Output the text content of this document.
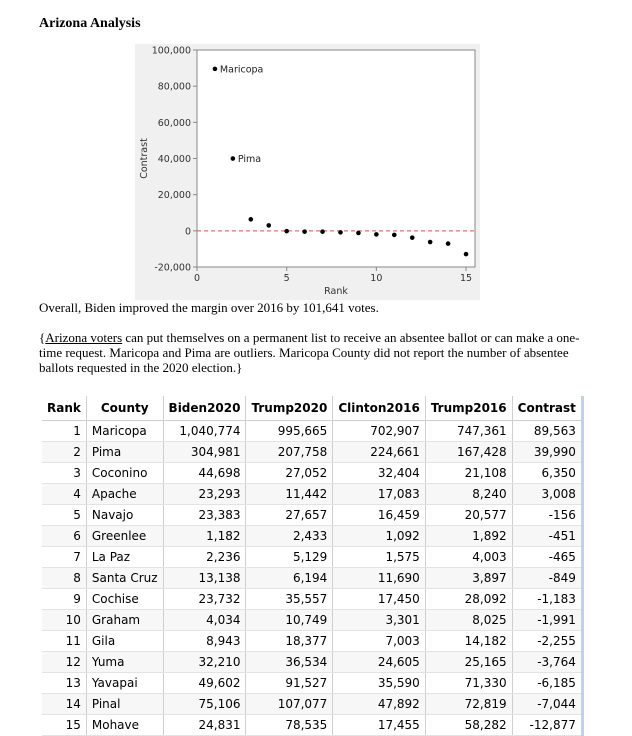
Arizona Analysis
-20,000
0
20,000
40,000
60,000
80,000
100,000
0	5	10	15
Rank
Contrast
Maricopa
Pima
Overall, Biden improved the margin over 2016 by 101,641 votes.
{Arizona voters can put themselves on a permanent list to receive an absentee ballot or can make a one-time request. Maricopa and Pima are outliers. Maricopa County did not report the number of absentee ballots requested in the 2020 election.}
Rank	County	Biden2020	Trump2020	Clinton2016	Trump2016	Contrast
1	Maricopa	1,040,774	995,665	702,907	747,361	89,563
2	Pima	304,981	207,758	224,661	167,428	39,990
3	Coconino	44,698	27,052	32,404	21,108	6,350
4	Apache	23,293	11,442	17,083	8,240	3,008
5	Navajo	23,383	27,657	16,459	20,577	-156
6	Greenlee	1,182	2,433	1,092	1,892	-451
7	La Paz	2,236	5,129	1,575	4,003	-465
8	Santa Cruz	13,138	6,194	11,690	3,897	-849
9	Cochise	23,732	35,557	17,450	28,092	-1,183
10	Graham	4,034	10,749	3,301	8,025	-1,991
11	Gila	8,943	18,377	7,003	14,182	-2,255
12	Yuma	32,210	36,534	24,605	25,165	-3,764
13	Yavapai	49,602	91,527	35,590	71,330	-6,185
14	Pinal	75,106	107,077	47,892	72,819	-7,044
15	Mohave	24,831	78,535	17,455	58,282	-12,877
